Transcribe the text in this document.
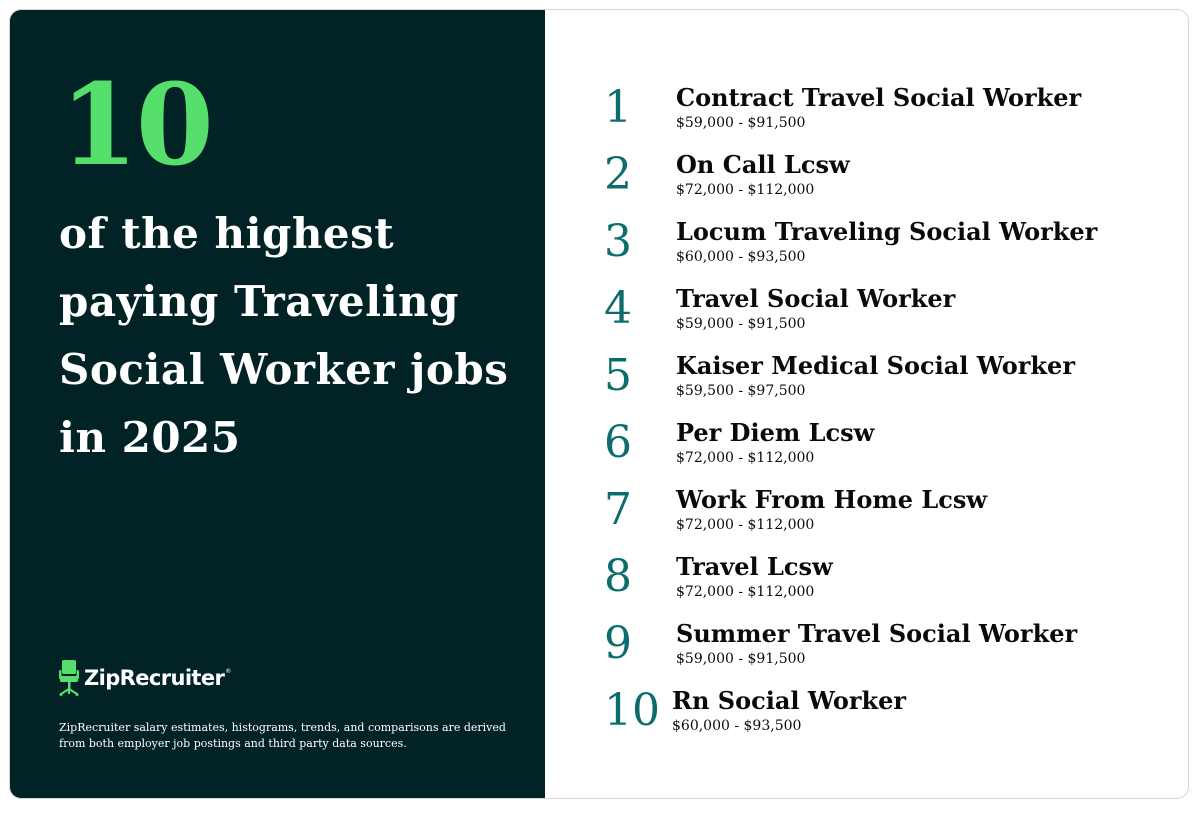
10
of the highest
paying Traveling
Social Worker jobs
in 2025
ZipRecruiter ®
ZipRecruiter salary estimates, histograms, trends, and comparisons are derived from both employer job postings and third party data sources.
1 Contract Travel Social Worker
$59,000 - $91,500
2 On Call Lcsw
$72,000 - $112,000
3 Locum Traveling Social Worker
$60,000 - $93,500
4 Travel Social Worker
$59,000 - $91,500
5 Kaiser Medical Social Worker
$59,500 - $97,500
6 Per Diem Lcsw
$72,000 - $112,000
7 Work From Home Lcsw
$72,000 - $112,000
8 Travel Lcsw
$72,000 - $112,000
9 Summer Travel Social Worker
$59,000 - $91,500
10 Rn Social Worker
$60,000 - $93,500
